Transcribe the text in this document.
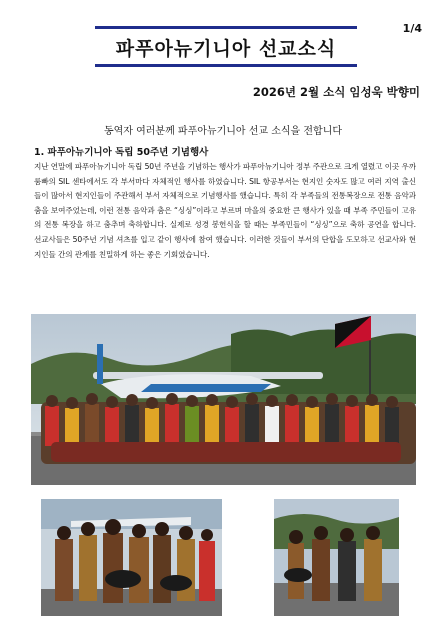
1/4
파푸아뉴기니아 선교소식
2026년 2월 소식 임성욱 박향미
동역자 여러분께 파푸아뉴기니아 선교 소식을 전합니다
1. 파푸아뉴기니아 독립 50주년 기념행사
지난 연말에 파푸아뉴기니아 독립 50년 주년을 기념하는 행사가 파푸아뉴기니아 정부 주관으로 크게 열렸고 이곳 우까룸빠의 SIL 센타에서도 각 부서마다 자체적인 행사를 하였습니다. SIL 항공부서는 현지인 숫자도 많고 여러 지역 출신들이 많아서 현지인들이 주관해서 부서 자체적으로 기념행사를 했습니다. 특히 각 부족들의 전통복장으로 전통 음악과 춤을 보여주었는데, 이런 전통 음악과 춤은 “싱싱”이라고 부르며 마을의 중요한 큰 행사가 있을 때 부족 주민들이 고유의 전통 복장을 하고 춤추며 축하합니다. 실제로 성경 봉헌식을 할 때는 부족민들이 “싱싱”으로 축하 공연을 합니다. 선교사들은 50주년 기념 셔츠를 입고 같이 행사에 참여 했습니다. 이러한 것들이 부서의 단합을 도모하고 선교사와 현지인들 간의 관계를 친밀하게 하는 좋은 기회였습니다.
